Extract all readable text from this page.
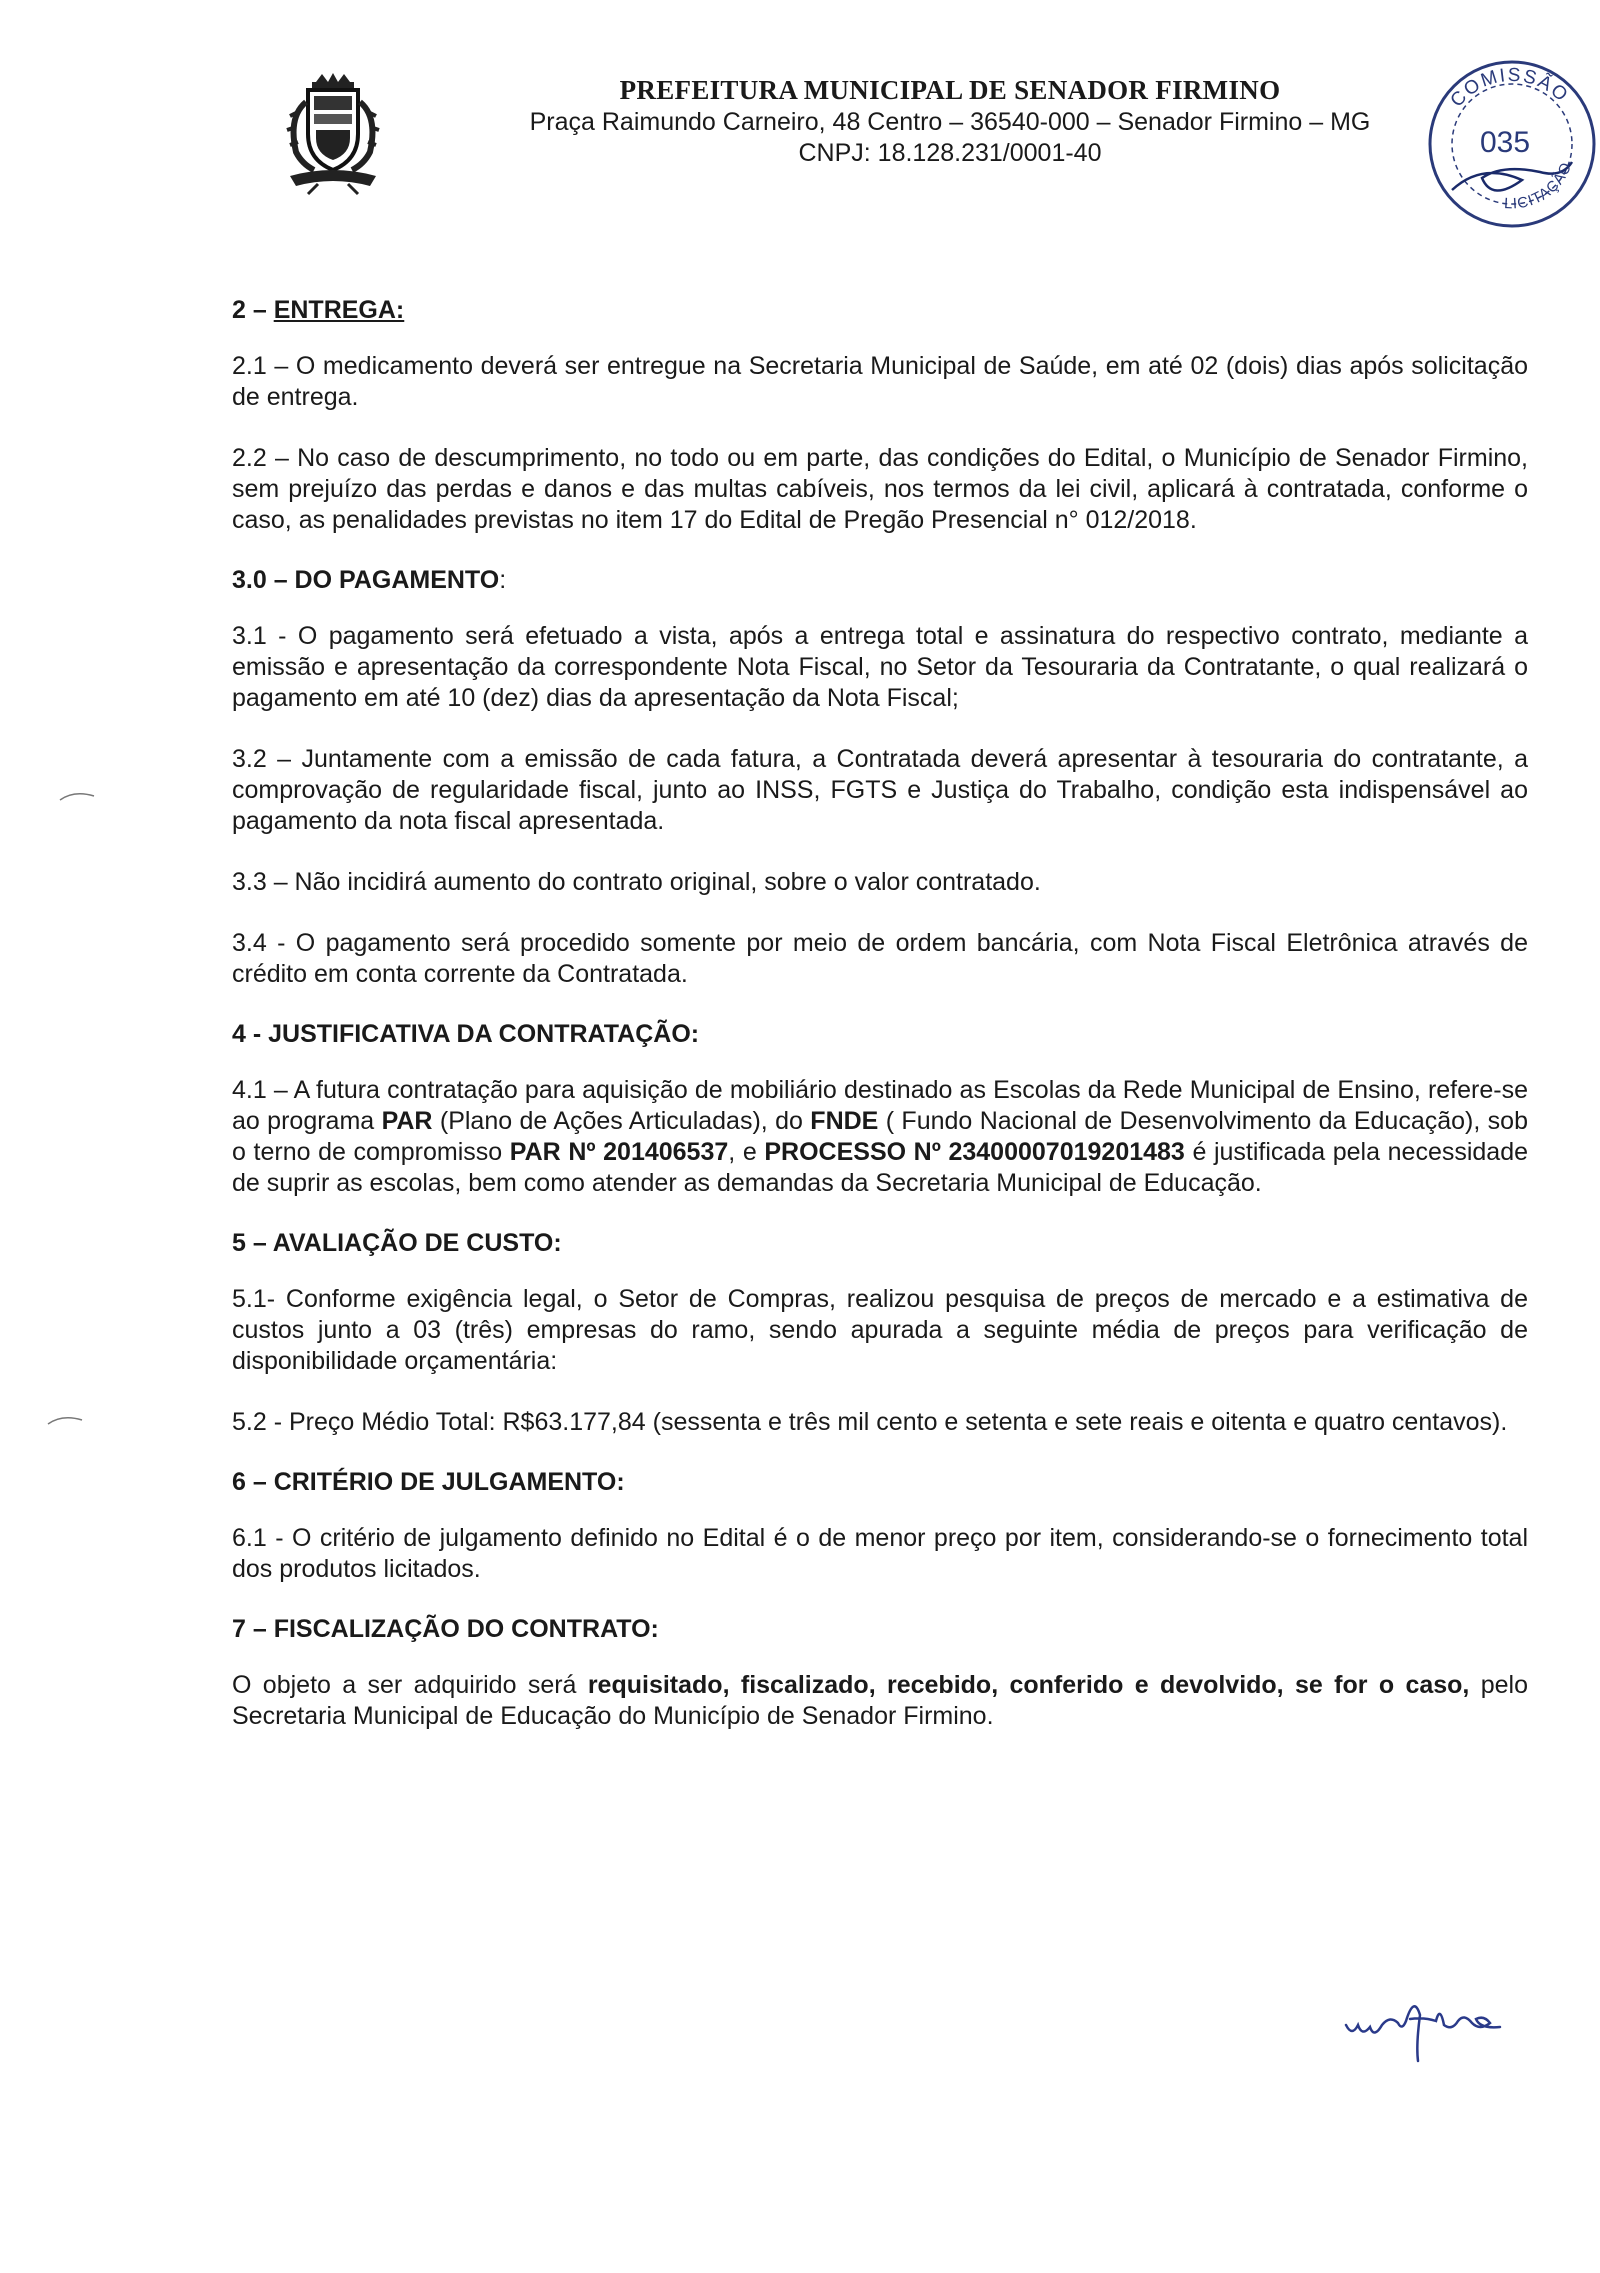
PREFEITURA MUNICIPAL DE SENADOR FIRMINO
Praça Raimundo Carneiro, 48 Centro – 36540-000 – Senador Firmino – MG
CNPJ: 18.128.231/0001-40
COMISSÃO
035
LICITAÇÃO
2 – ENTREGA:
2.1 – O medicamento deverá ser entregue na Secretaria Municipal de Saúde, em até 02 (dois) dias após solicitação de entrega.
2.2 – No caso de descumprimento, no todo ou em parte, das condições do Edital, o Município de Senador Firmino, sem prejuízo das perdas e danos e das multas cabíveis, nos termos da lei civil, aplicará à contratada, conforme o caso, as penalidades previstas no item 17 do Edital de Pregão Presencial n° 012/2018.
3.0 – DO PAGAMENTO:
3.1 - O pagamento será efetuado a vista, após a entrega total e assinatura do respectivo contrato, mediante a emissão e apresentação da correspondente Nota Fiscal, no Setor da Tesouraria da Contratante, o qual realizará o pagamento em até 10 (dez) dias da apresentação da Nota Fiscal;
3.2 – Juntamente com a emissão de cada fatura, a Contratada deverá apresentar à tesouraria do contratante, a comprovação de regularidade fiscal, junto ao INSS, FGTS e Justiça do Trabalho, condição esta indispensável ao pagamento da nota fiscal apresentada.
3.3 – Não incidirá aumento do contrato original, sobre o valor contratado.
3.4 - O pagamento será procedido somente por meio de ordem bancária, com Nota Fiscal Eletrônica através de crédito em conta corrente da Contratada.
4 - JUSTIFICATIVA DA CONTRATAÇÃO:
4.1 – A futura contratação para aquisição de mobiliário destinado as Escolas da Rede Municipal de Ensino, refere-se ao programa PAR (Plano de Ações Articuladas), do FNDE ( Fundo Nacional de Desenvolvimento da Educação), sob o terno de compromisso PAR Nº 201406537, e PROCESSO Nº 23400007019201483 é justificada pela necessidade de suprir as escolas, bem como atender as demandas da Secretaria Municipal de Educação.
5 – AVALIAÇÃO DE CUSTO:
5.1- Conforme exigência legal, o Setor de Compras, realizou pesquisa de preços de mercado e a estimativa de custos junto a 03 (três) empresas do ramo, sendo apurada a seguinte média de preços para verificação de disponibilidade orçamentária:
5.2 - Preço Médio Total: R$63.177,84 (sessenta e três mil cento e setenta e sete reais e oitenta e quatro centavos).
6 – CRITÉRIO DE JULGAMENTO:
6.1 - O critério de julgamento definido no Edital é o de menor preço por item, considerando-se o fornecimento total dos produtos licitados.
7 – FISCALIZAÇÃO DO CONTRATO:
O objeto a ser adquirido será requisitado, fiscalizado, recebido, conferido e devolvido, se for o caso, pelo Secretaria Municipal de Educação do Município de Senador Firmino.
